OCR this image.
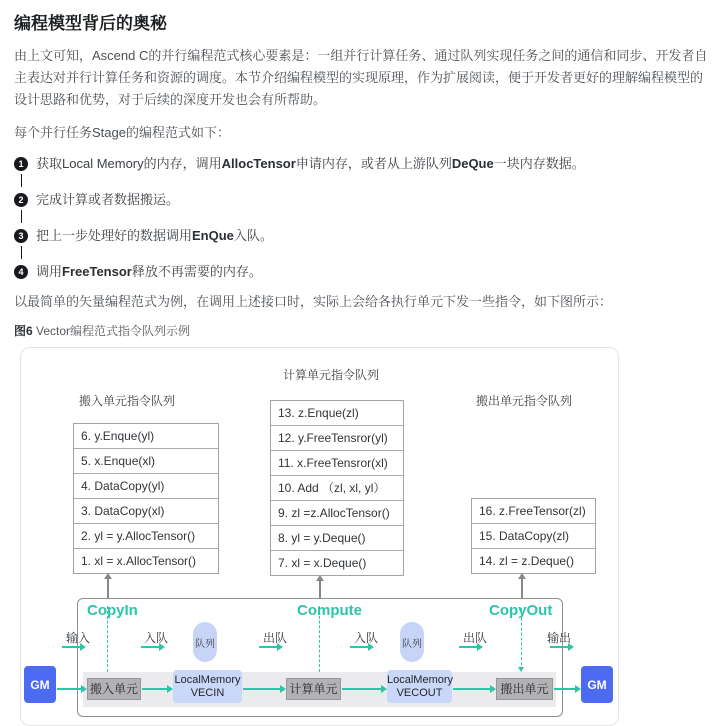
编程模型背后的奥秘

由上文可知，Ascend C的并行编程范式核心要素是：一组并行计算任务、通过队列实现任务之间的通信和同步、开发者自主表达对并行计算任务和资源的调度。本节介绍编程模型的实现原理，作为扩展阅读，便于开发者更好的理解编程模型的设计思路和优势，对于后续的深度开发也会有所帮助。

每个并行任务Stage的编程范式如下：

1 获取Local Memory的内存，调用AllocTensor申请内存，或者从上游队列DeQue一块内存数据。
2 完成计算或者数据搬运。
3 把上一步处理好的数据调用EnQue入队。
4 调用FreeTensor释放不再需要的内存。

以最简单的矢量编程范式为例，在调用上述接口时，实际上会给各执行单元下发一些指令，如下图所示：

图6 Vector编程范式指令队列示例

计算单元指令队列
搬入单元指令队列	搬出单元指令队列
6. y.Enque(yl)
5. x.Enque(xl)
4. DataCopy(yl)
3. DataCopy(xl)
2. yl = y.AllocTensor()
1. xl = x.AllocTensor()
13. z.Enque(zl)
12. y.FreeTensror(yl)
11. x.FreeTensror(xl)
10. Add （zl, xl, yl）
9. zl =z.AllocTensor()
8. yl = y.Deque()
7. xl = x.Deque()
16. z.FreeTensor(zl)
15. DataCopy(zl)
14. zl = z.Deque()
CopyIn	Compute	CopyOut
输入	入队	出队	入队	出队	输出
队列	队列
GM	搬入单元
LocalMemory
VECIN	计算单元
LocalMemory
VECOUT	搬出单元	GM
